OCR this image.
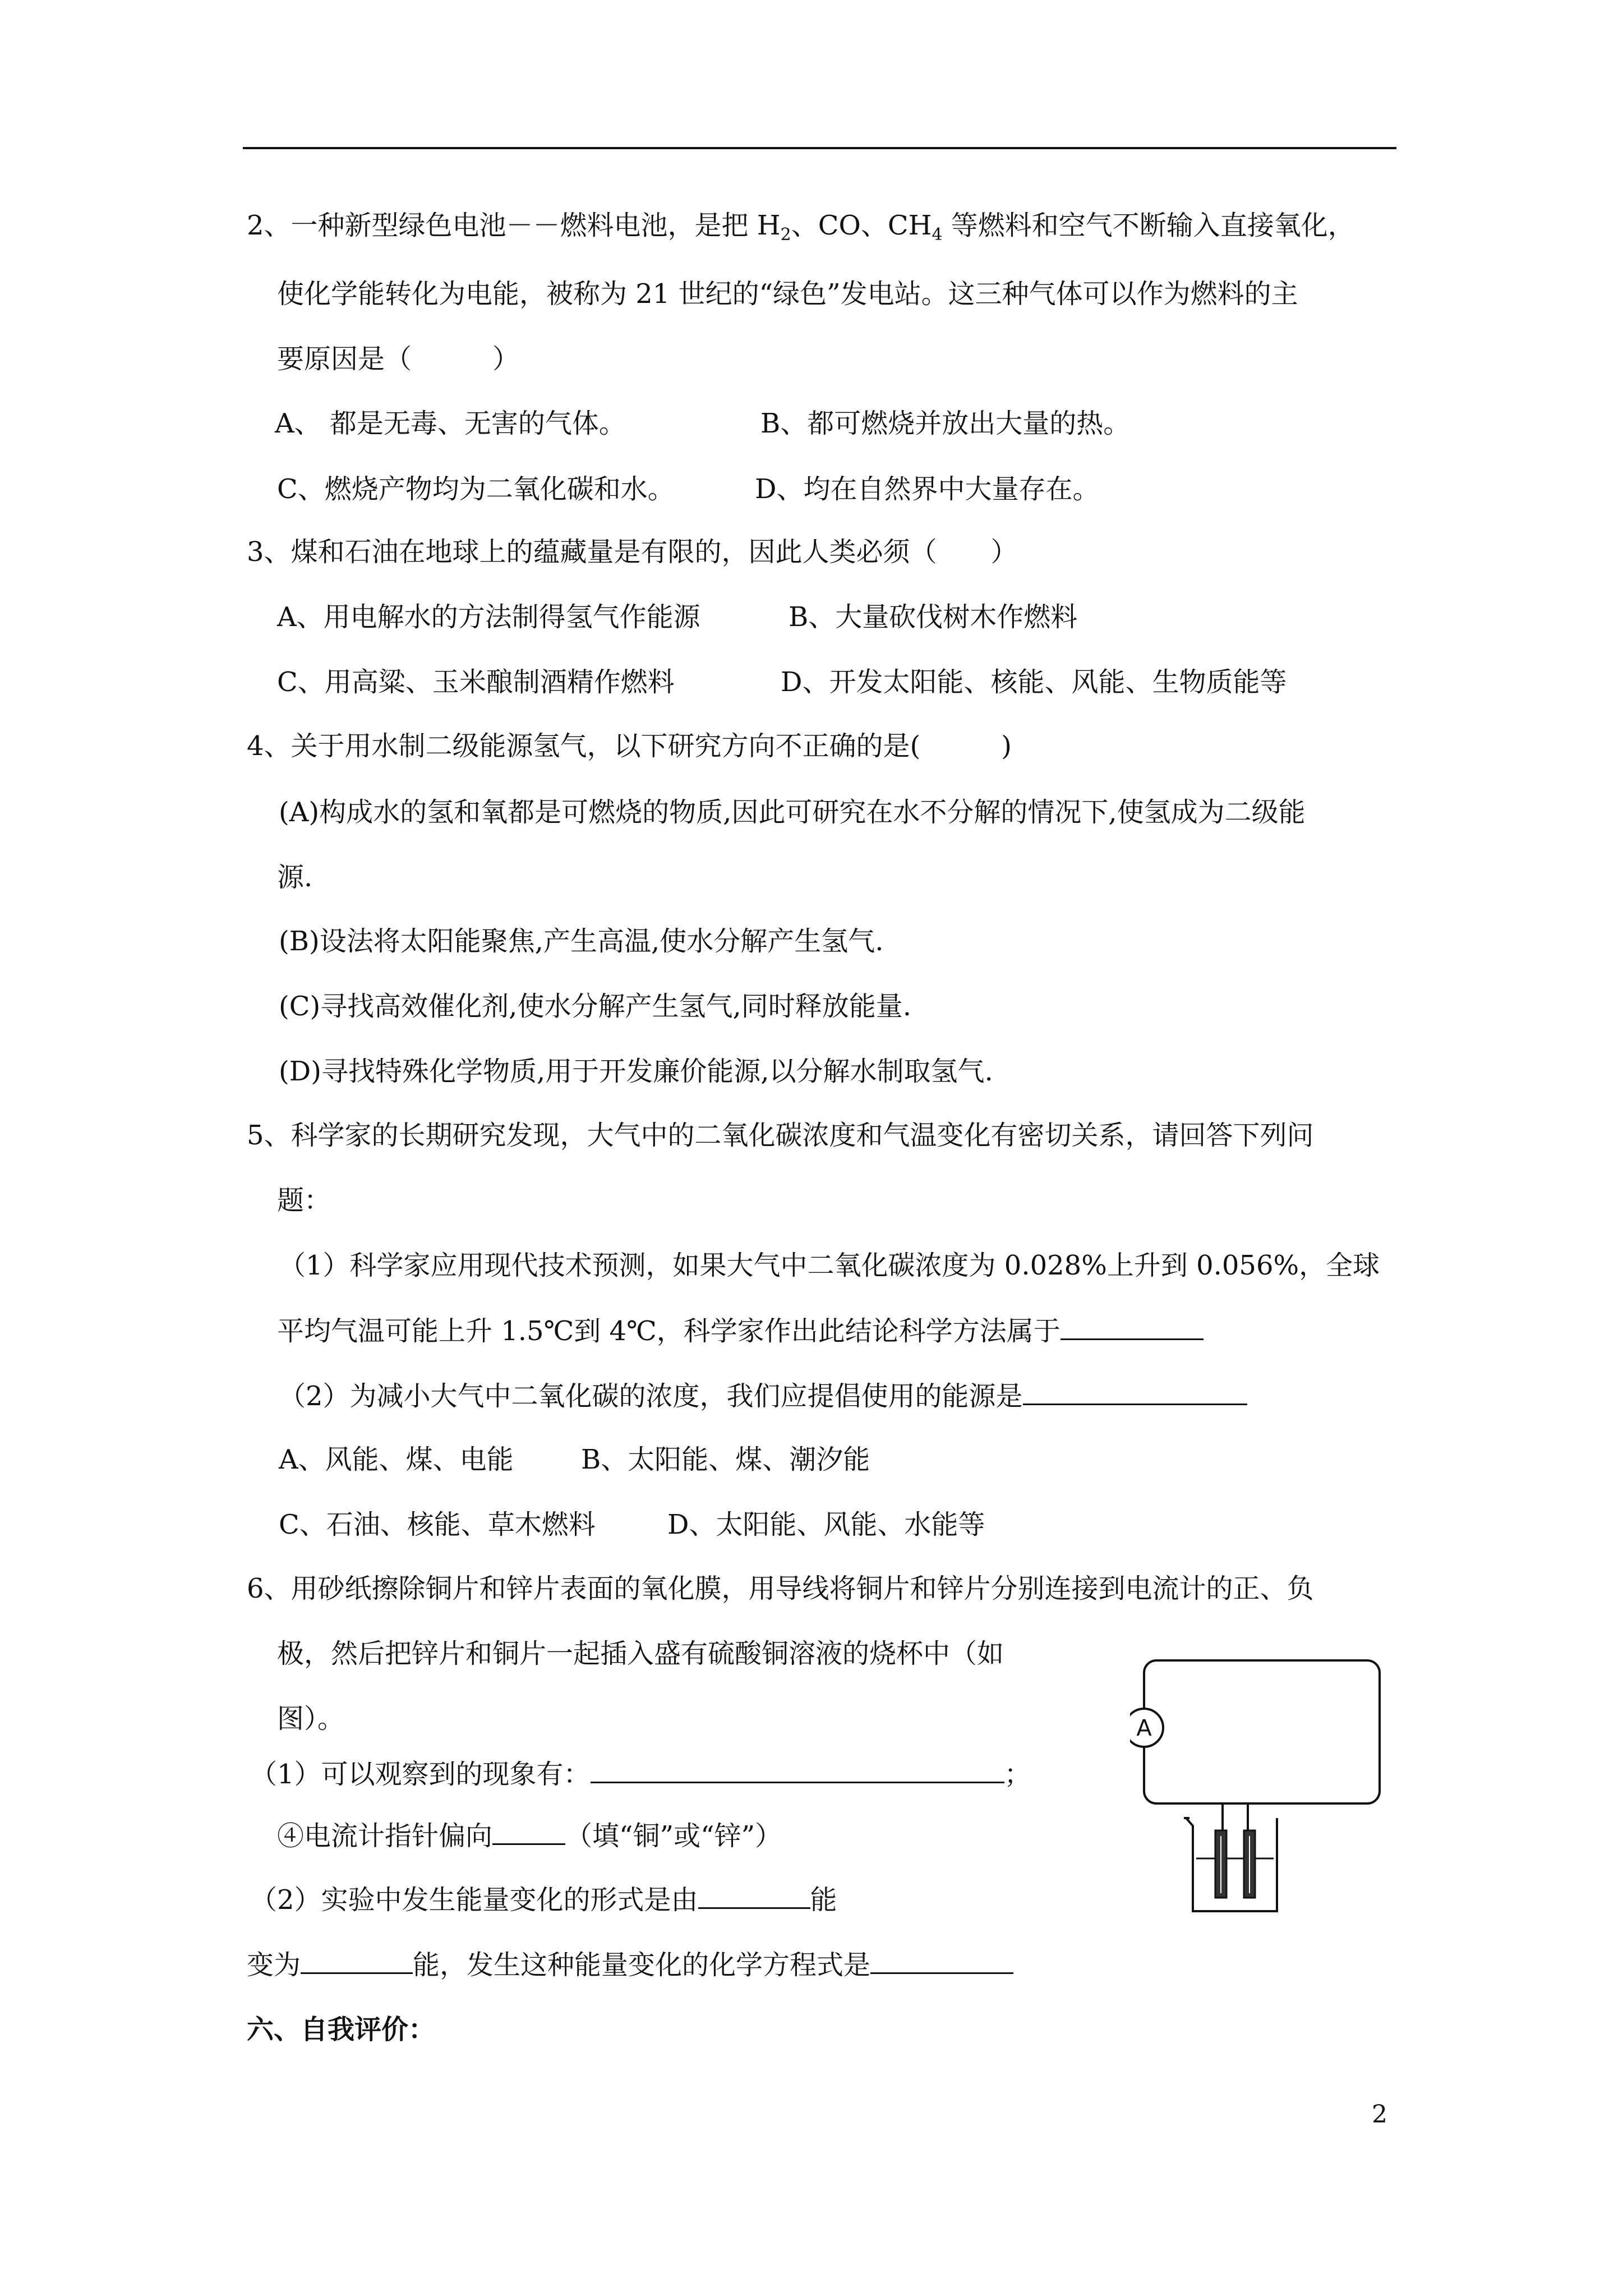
2、一种新型绿色电池－－燃料电池，是把 $H_2$、CO、$CH_4$ 等燃料和空气不断输入直接氧化，
使化学能转化为电能，被称为 21 世纪的“绿色”发电站。这三种气体可以作为燃料的主
要原因是（　　　）
A、 都是无毒、无害的气体。	B、都可燃烧并放出大量的热。
C、燃烧产物均为二氧化碳和水。	D、均在自然界中大量存在。
3、煤和石油在地球上的蕴藏量是有限的，因此人类必须（　　）
A、用电解水的方法制得氢气作能源	B、大量砍伐树木作燃料
C、用高粱、玉米酿制酒精作燃料	D、开发太阳能、核能、风能、生物质能等
4、关于用水制二级能源氢气，以下研究方向不正确的是(　　　)
(A)构成水的氢和氧都是可燃烧的物质,因此可研究在水不分解的情况下,使氢成为二级能
源.
(B)设法将太阳能聚焦,产生高温,使水分解产生氢气.
(C)寻找高效催化剂,使水分解产生氢气,同时释放能量.
(D)寻找特殊化学物质,用于开发廉价能源,以分解水制取氢气.
5、科学家的长期研究发现，大气中的二氧化碳浓度和气温变化有密切关系，请回答下列问
题：
（1）科学家应用现代技术预测，如果大气中二氧化碳浓度为 0.028%上升到 0.056%，全球
平均气温可能上升 1.5℃到 4℃，科学家作出此结论科学方法属于
（2）为减小大气中二氧化碳的浓度，我们应提倡使用的能源是
A、风能、煤、电能	B、太阳能、煤、潮汐能
C、石油、核能、草木燃料	D、太阳能、风能、水能等
6、用砂纸擦除铜片和锌片表面的氧化膜，用导线将铜片和锌片分别连接到电流计的正、负
极，然后把锌片和铜片一起插入盛有硫酸铜溶液的烧杯中（如
图）。
（1）可以观察到的现象有：	；
④电流计指针偏向	（填“铜”或“锌”）
（2）实验中发生能量变化的形式是由	能
变为	能，发生这种能量变化的化学方程式是
A
六、自我评价：
2
